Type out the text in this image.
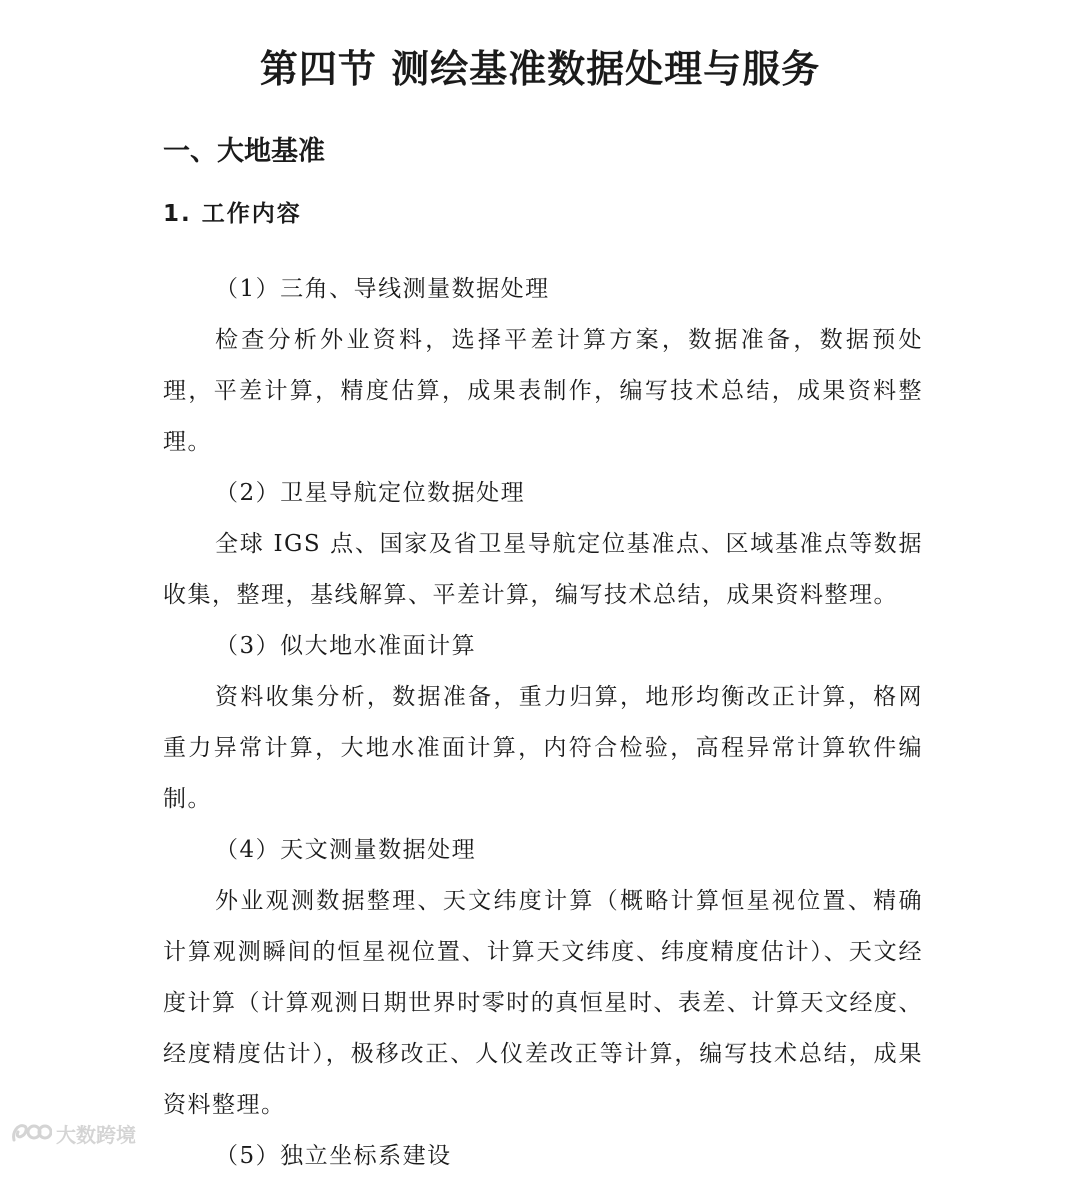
第四节 测绘基准数据处理与服务
一、大地基准
1. 工作内容

（1）三角、导线测量数据处理

检查分析外业资料，选择平差计算方案，数据准备，数据预处理，平差计算，精度估算，成果表制作，编写技术总结，成果资料整理。

（2）卫星导航定位数据处理

全球 IGS 点、国家及省卫星导航定位基准点、区域基准点等数据收集，整理，基线解算、平差计算，编写技术总结，成果资料整理。

（3）似大地水准面计算

资料收集分析，数据准备，重力归算，地形均衡改正计算，格网重力异常计算，大地水准面计算，内符合检验，高程异常计算软件编制。

（4）天文测量数据处理

外业观测数据整理、天文纬度计算（概略计算恒星视位置、精确计算观测瞬间的恒星视位置、计算天文纬度、纬度精度估计）、天文经度计算（计算观测日期世界时零时的真恒星时、表差、计算天文经度、经度精度估计），极移改正、人仪差改正等计算，编写技术总结，成果资料整理。

（5）独立坐标系建设

大数跨境
